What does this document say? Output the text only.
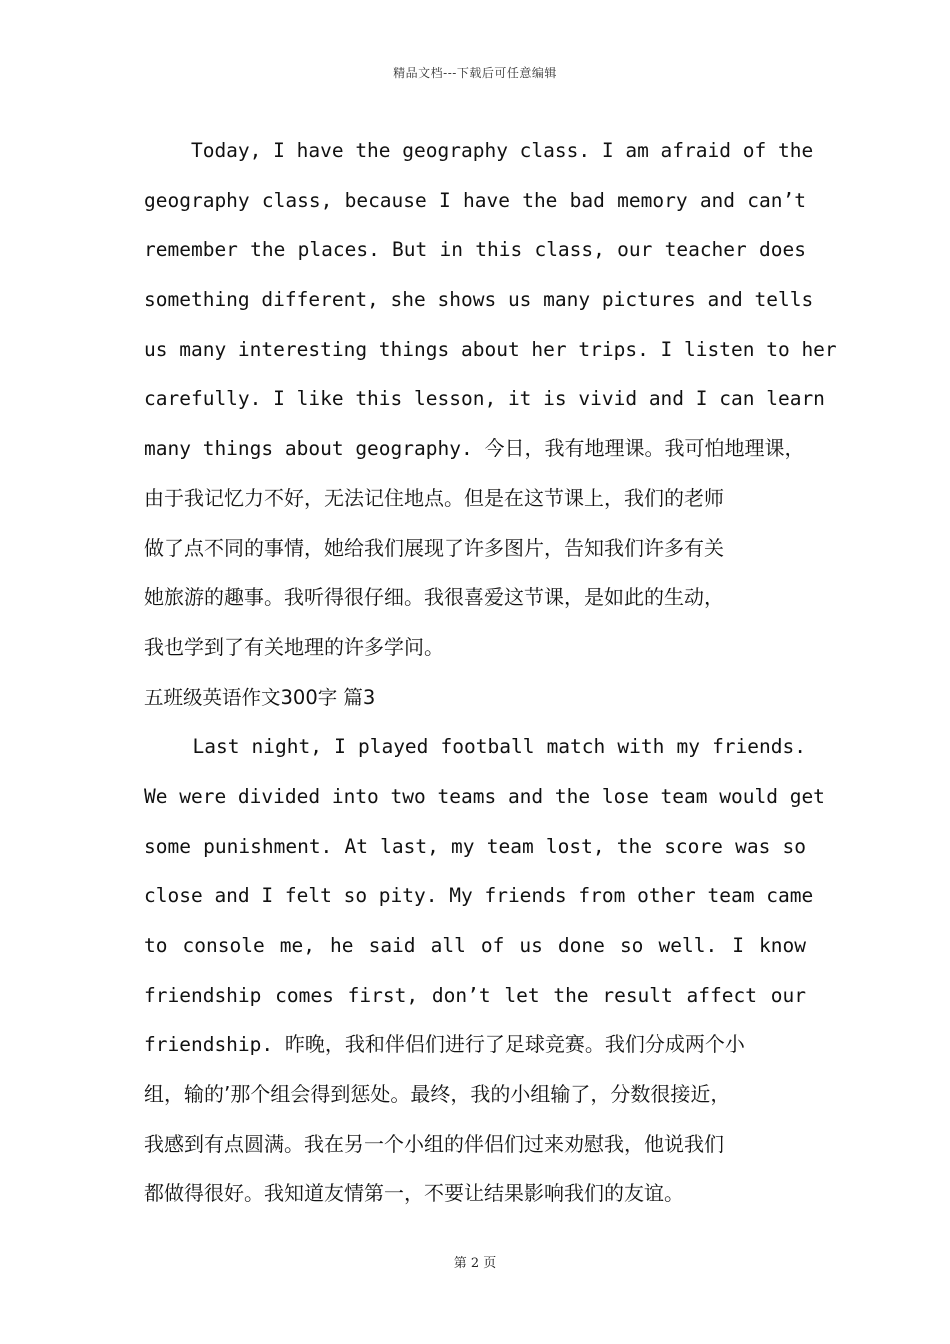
精品文档---下载后可任意编辑
Today, I have the geography class. I am afraid of the
geography class, because I have the bad memory and can’t
remember the places. But in this class, our teacher does
something different, she shows us many pictures and tells
us many interesting things about her trips. I listen to her
carefully. I like this lesson, it is vivid and I can learn
many things about geography. 今日，我有地理课。我可怕地理课，
由于我记忆力不好，无法记住地点。但是在这节课上，我们的老师
做了点不同的事情，她给我们展现了许多图片，告知我们许多有关
她旅游的趣事。我听得很仔细。我很喜爱这节课，是如此的生动，
我也学到了有关地理的许多学问。
五班级英语作文300字 篇3
Last night, I played football match with my friends.
We were divided into two teams and the lose team would get
some punishment. At last, my team lost, the score was so
close and I felt so pity. My friends from other team came
to console me, he said all of us done so well. I know
friendship comes first, don’t let the result affect our
friendship. 昨晚，我和伴侣们进行了足球竞赛。我们分成两个小
组，输的’那个组会得到惩处。最终，我的小组输了，分数很接近，
我感到有点圆满。我在另一个小组的伴侣们过来劝慰我，他说我们
都做得很好。我知道友情第一，不要让结果影响我们的友谊。
第 2 页
